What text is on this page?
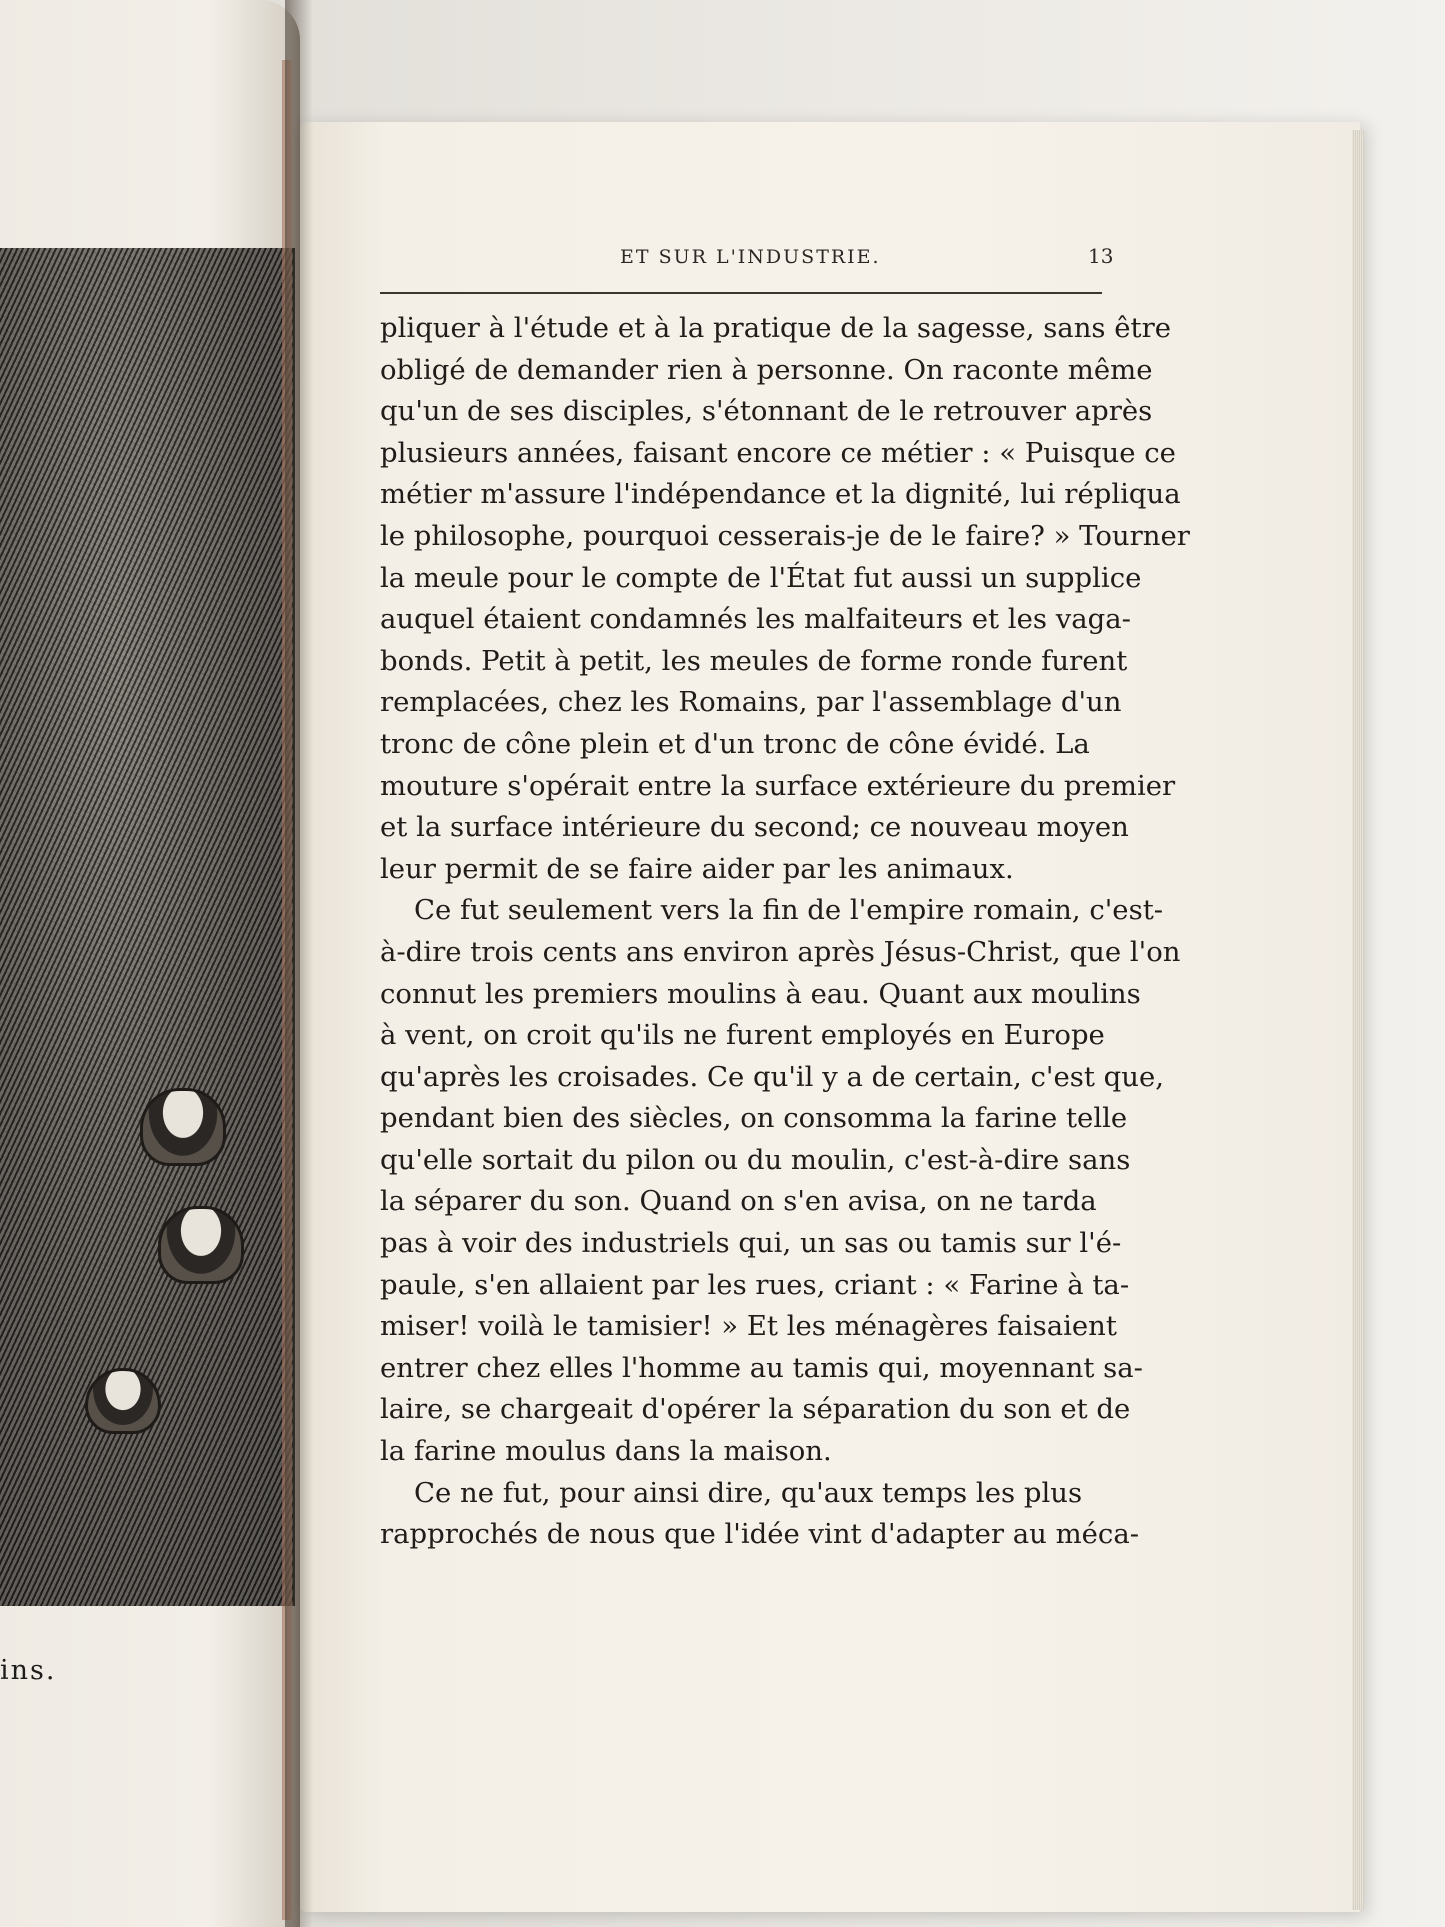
ins.
ET SUR L'INDUSTRIE.	13
pliquer à l'étude et à la pratique de la sagesse, sans être
obligé de demander rien à personne. On raconte même
qu'un de ses disciples, s'étonnant de le retrouver après
plusieurs années, faisant encore ce métier : « Puisque ce
métier m'assure l'indépendance et la dignité, lui répliqua
le philosophe, pourquoi cesserais-je de le faire? » Tourner
la meule pour le compte de l'État fut aussi un supplice
auquel étaient condamnés les malfaiteurs et les vaga-
bonds. Petit à petit, les meules de forme ronde furent
remplacées, chez les Romains, par l'assemblage d'un
tronc de cône plein et d'un tronc de cône évidé. La
mouture s'opérait entre la surface extérieure du premier
et la surface intérieure du second; ce nouveau moyen
leur permit de se faire aider par les animaux.
Ce fut seulement vers la fin de l'empire romain, c'est-
à-dire trois cents ans environ après Jésus-Christ, que l'on
connut les premiers moulins à eau. Quant aux moulins
à vent, on croit qu'ils ne furent employés en Europe
qu'après les croisades. Ce qu'il y a de certain, c'est que,
pendant bien des siècles, on consomma la farine telle
qu'elle sortait du pilon ou du moulin, c'est-à-dire sans
la séparer du son. Quand on s'en avisa, on ne tarda
pas à voir des industriels qui, un sas ou tamis sur l'é-
paule, s'en allaient par les rues, criant : « Farine à ta-
miser! voilà le tamisier! » Et les ménagères faisaient
entrer chez elles l'homme au tamis qui, moyennant sa-
laire, se chargeait d'opérer la séparation du son et de
la farine moulus dans la maison.
Ce ne fut, pour ainsi dire, qu'aux temps les plus
rapprochés de nous que l'idée vint d'adapter au méca-
